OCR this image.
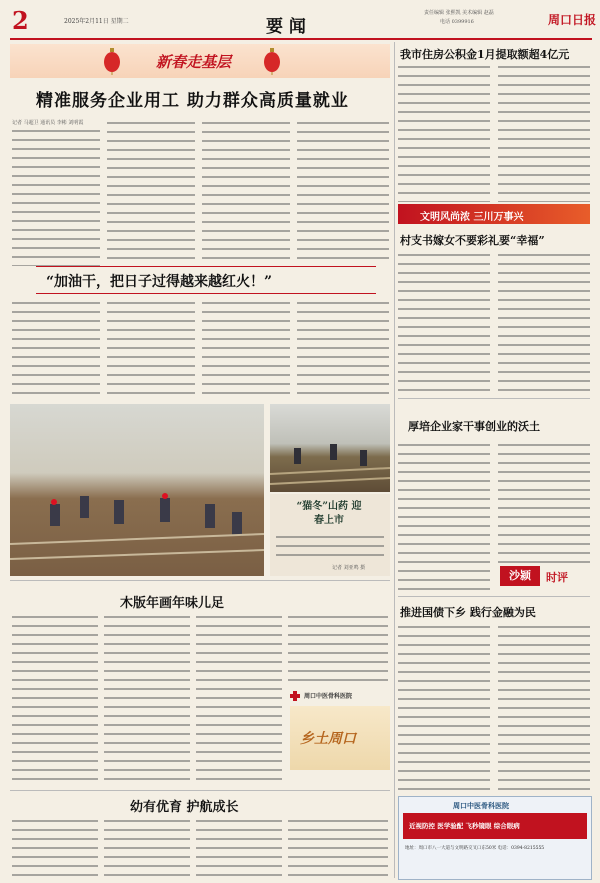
2	2025年2月11日 星期二	要 闻
责任编辑 张熙凯 美术编辑 赵磊
电话 0399916	周口日报
新春走基层
精准服务企业用工 助力群众高质量就业
记者 马超卫 通讯员 李彬 刘明霞
“加油干，把日子过得越来越红火！”
“猫冬”山药 迎春上市
记者 刘亚鸣 摄
我市住房公积金1月提取额超4亿元
文明风尚浓 三川万事兴
村支书嫁女不要彩礼要“幸福”
厚培企业家干事创业的沃土
沙颍	时评
推进国债下乡 践行金融为民
木版年画年味儿足
周口中医骨科医院
乡土周口
幼有优育 护航成长	周口中医骨科医院
近视防控 医学验配 飞秒镜眼 综合眼病
地址：周口市八一大道与文明路交叉口东50米 电话：0394-8215555
